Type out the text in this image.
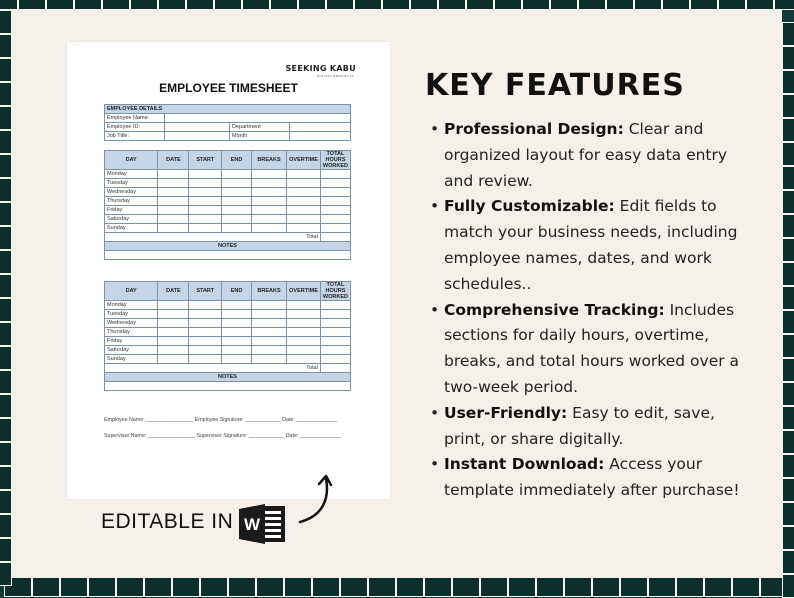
SEEKING KABU
DIGITAL PRODUCTS
EMPLOYEE TIMESHEET
EMPLOYEE DETAILS			
Employee Name:			
Employee ID:		Department	
Job Title:		Month	
DAY	DATE	START	END	BREAKS	OVERTIME	TOTAL HOURS WORKED
Monday						
Tuesday						
Wednesday						
Thursday						
Friday						
Saturday						
Sunday						
Total						
NOTES						

DAY	DATE	START	END	BREAKS	OVERTIME	TOTAL HOURS WORKED
Monday						
Tuesday						
Wednesday						
Thursday						
Friday						
Saturday						
Sunday						
Total						
NOTES						

Employee Name: ________________ Employee Signature: ____________ Date: ______________
Supervisor Name: ________________ Supervisor Signature: ____________ Date: ______________
EDITABLE IN W
KEY FEATURES
• Professional Design: Clear and organized layout for easy data entry and review.
• Fully Customizable: Edit fields to match your business needs, including employee names, dates, and work schedules..
• Comprehensive Tracking: Includes sections for daily hours, overtime, breaks, and total hours worked over a two-week period.
• User-Friendly: Easy to edit, save, print, or share digitally.
• Instant Download: Access your template immediately after purchase!
